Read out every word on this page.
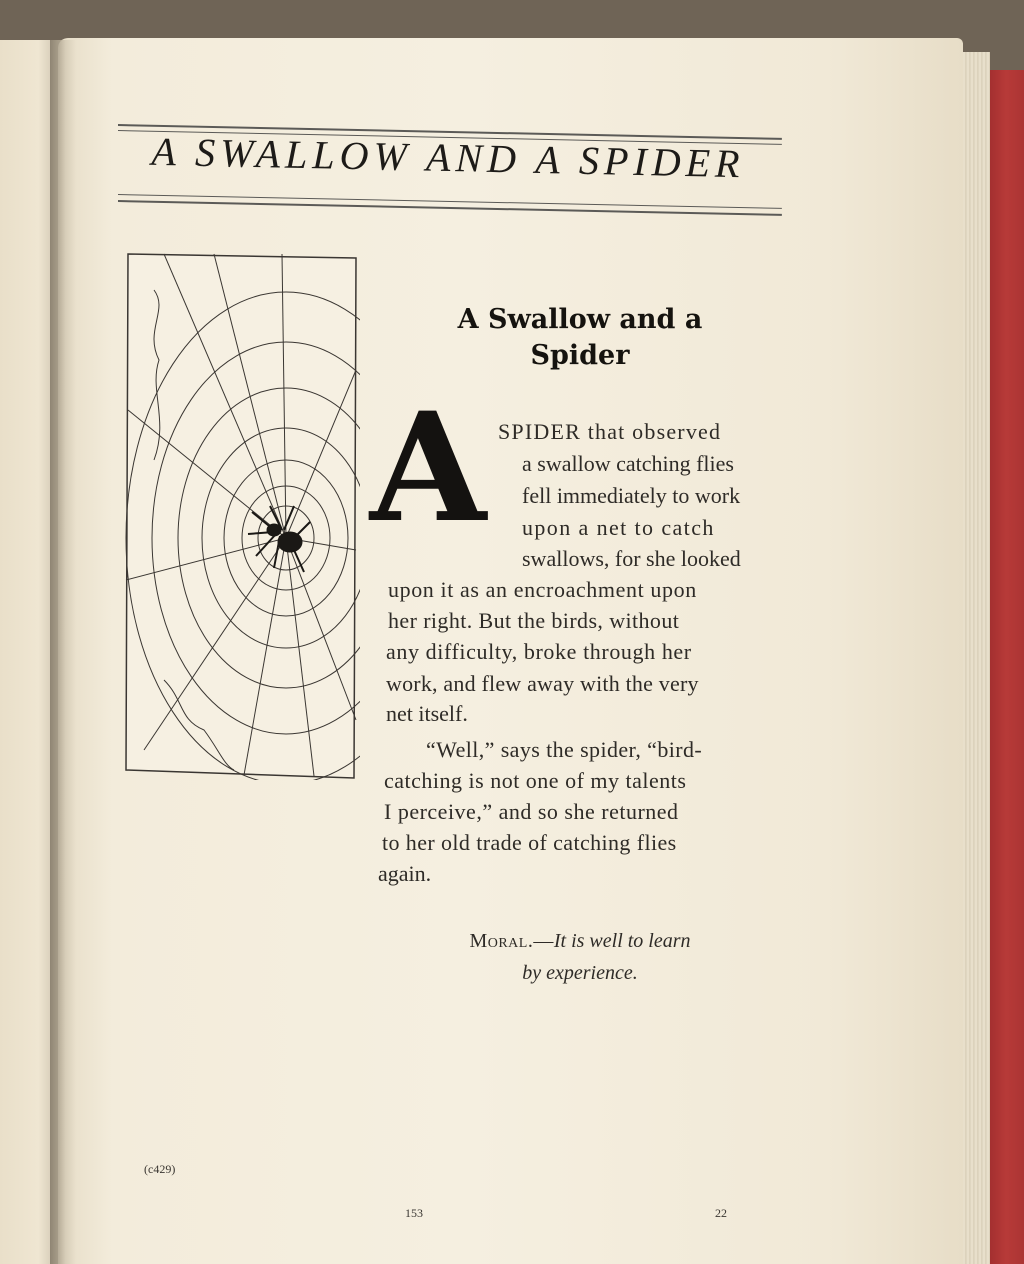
A SWALLOW AND A SPIDER
A Swallow and a
Spider
A SPIDER that observed
a swallow catching flies
fell immediately to work
upon a net to catch
swallows, for she looked
upon it as an encroachment upon
her right. But the birds, without
any difficulty, broke through her
work, and flew away with the very
net itself.
“Well,” says the spider, “bird-
catching is not one of my talents
I perceive,” and so she returned
to her old trade of catching flies
again.
Moral.—It is well to learn
by experience.
(c429)
153	22
